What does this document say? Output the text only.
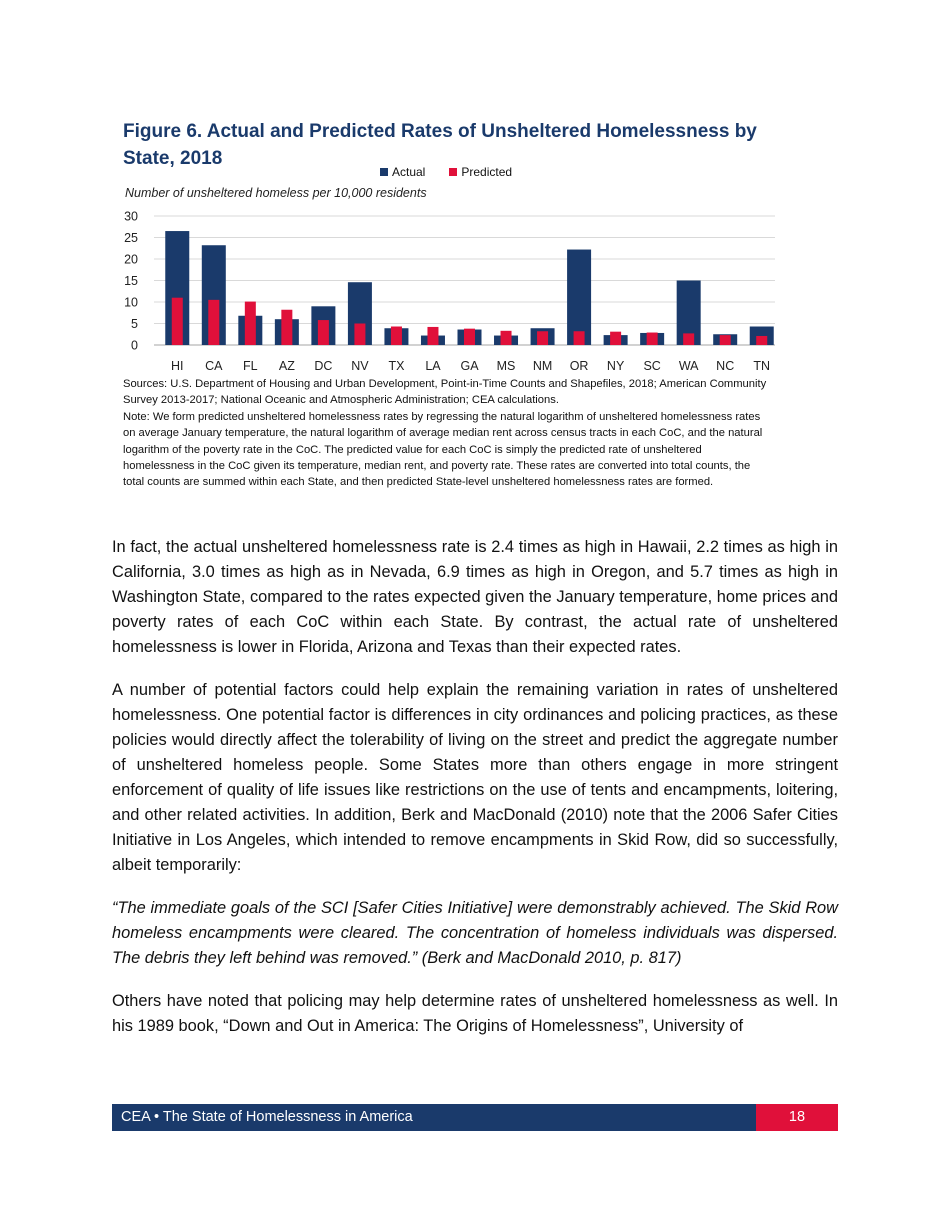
Figure 6. Actual and Predicted Rates of Unsheltered Homelessness by State, 2018
Actual	Predicted
Number of unsheltered homeless per 10,000 residents
0
5
10
15
20
25
30
HI CA FL AZ DC NV TX LA GA MS NM OR NY SC WA NC TN
Sources: U.S. Department of Housing and Urban Development, Point-in-Time Counts and Shapefiles, 2018; American Community Survey 2013-2017; National Oceanic and Atmospheric Administration; CEA calculations.
Note: We form predicted unsheltered homelessness rates by regressing the natural logarithm of unsheltered homelessness rates on average January temperature, the natural logarithm of average median rent across census tracts in each CoC, and the natural logarithm of the poverty rate in the CoC. The predicted value for each CoC is simply the predicted rate of unsheltered homelessness in the CoC given its temperature, median rent, and poverty rate. These rates are converted into total counts, the total counts are summed within each State, and then predicted State-level unsheltered homelessness rates are formed.

In fact, the actual unsheltered homelessness rate is 2.4 times as high in Hawaii, 2.2 times as high in California, 3.0 times as high as in Nevada, 6.9 times as high in Oregon, and 5.7 times as high in Washington State, compared to the rates expected given the January temperature, home prices and poverty rates of each CoC within each State. By contrast, the actual rate of unsheltered homelessness is lower in Florida, Arizona and Texas than their expected rates.

A number of potential factors could help explain the remaining variation in rates of unsheltered homelessness. One potential factor is differences in city ordinances and policing practices, as these policies would directly affect the tolerability of living on the street and predict the aggregate number of unsheltered homeless people. Some States more than others engage in more stringent enforcement of quality of life issues like restrictions on the use of tents and encampments, loitering, and other related activities. In addition, Berk and MacDonald (2010) note that the 2006 Safer Cities Initiative in Los Angeles, which intended to remove encampments in Skid Row, did so successfully, albeit temporarily:

“The immediate goals of the SCI [Safer Cities Initiative] were demonstrably achieved. The Skid Row homeless encampments were cleared. The concentration of homeless individuals was dispersed. The debris they left behind was removed.” (Berk and MacDonald 2010, p. 817)

Others have noted that policing may help determine rates of unsheltered homelessness as well. In his 1989 book, “Down and Out in America: The Origins of Homelessness”, University of

CEA • The State of Homelessness in America	18
